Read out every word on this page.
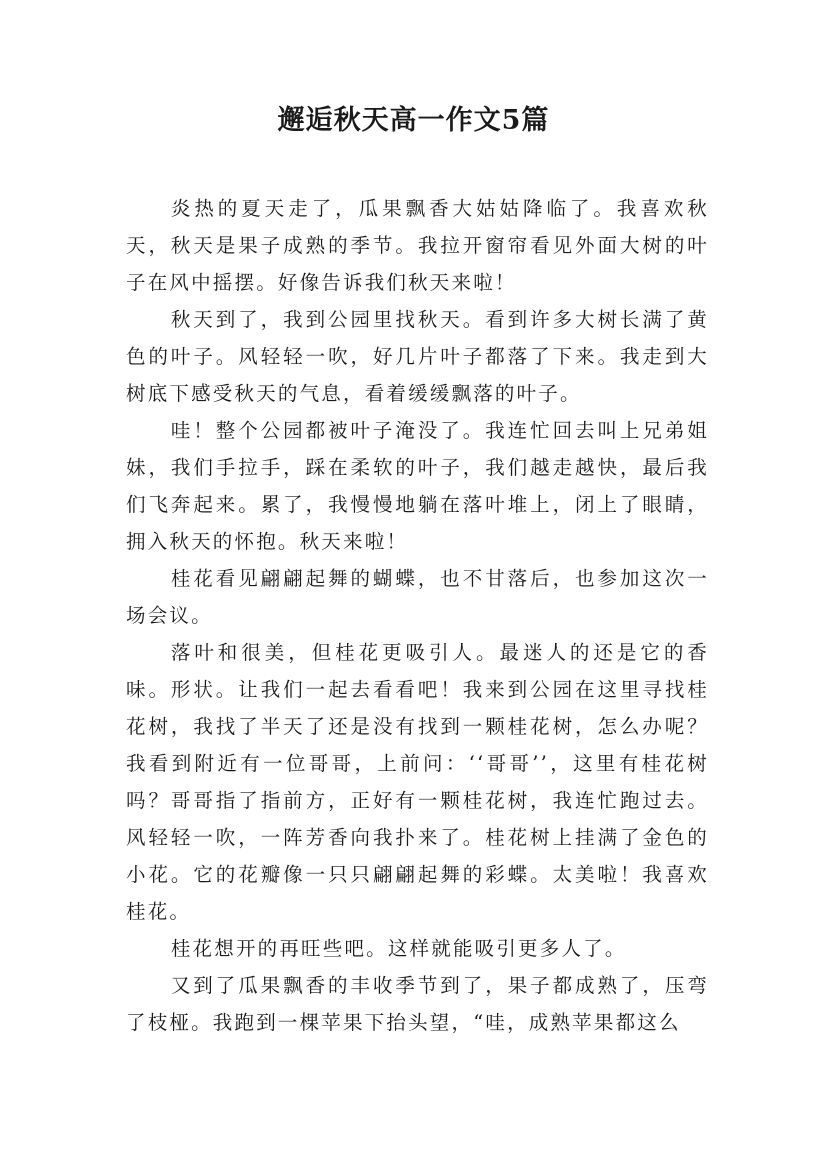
邂逅秋天高一作文5篇

炎热的夏天走了，瓜果飘香大姑姑降临了。我喜欢秋天，秋天是果子成熟的季节。我拉开窗帘看见外面大树的叶子在风中摇摆。好像告诉我们秋天来啦！

秋天到了，我到公园里找秋天。看到许多大树长满了黄色的叶子。风轻轻一吹，好几片叶子都落了下来。我走到大树底下感受秋天的气息，看着缓缓飘落的叶子。

哇！整个公园都被叶子淹没了。我连忙回去叫上兄弟姐妹，我们手拉手，踩在柔软的叶子，我们越走越快，最后我们飞奔起来。累了，我慢慢地躺在落叶堆上，闭上了眼睛，拥入秋天的怀抱。秋天来啦！

桂花看见翩翩起舞的蝴蝶，也不甘落后，也参加这次一场会议。

落叶和很美，但桂花更吸引人。最迷人的还是它的香味。形状。让我们一起去看看吧！我来到公园在这里寻找桂花树，我找了半天了还是没有找到一颗桂花树，怎么办呢？我看到附近有一位哥哥，上前问：‘‘哥哥’’，这里有桂花树吗？哥哥指了指前方，正好有一颗桂花树，我连忙跑过去。风轻轻一吹，一阵芳香向我扑来了。桂花树上挂满了金色的小花。它的花瓣像一只只翩翩起舞的彩蝶。太美啦！我喜欢桂花。

桂花想开的再旺些吧。这样就能吸引更多人了。

又到了瓜果飘香的丰收季节到了，果子都成熟了，压弯了枝桠。我跑到一棵苹果下抬头望，“哇，成熟苹果都这么
